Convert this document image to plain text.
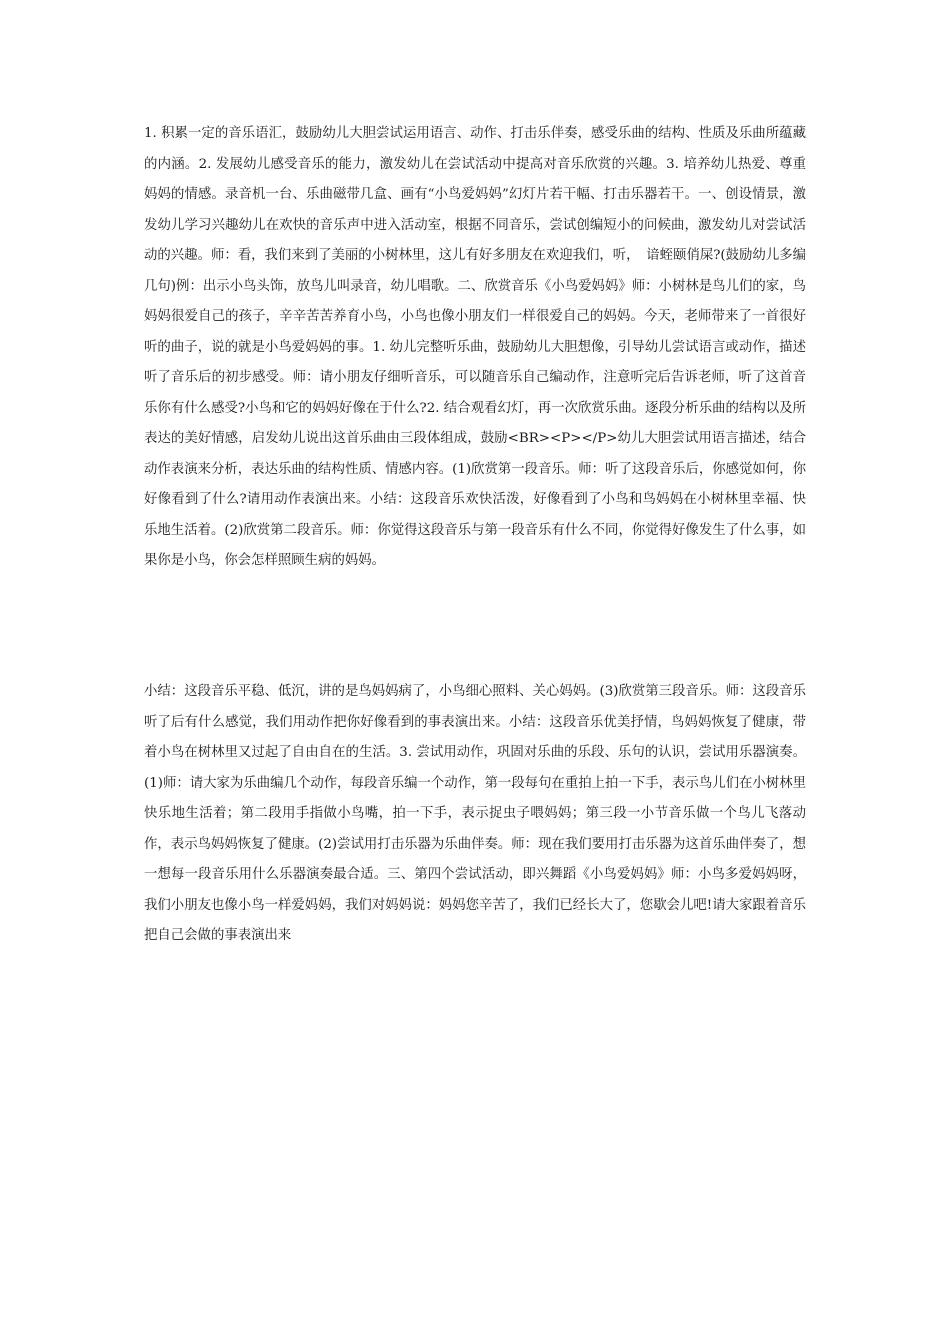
1. 积累一定的音乐语汇，鼓励幼儿大胆尝试运用语言、动作、打击乐伴奏，感受乐曲的结构、性质及乐曲所蕴藏的内涵。2. 发展幼儿感受音乐的能力，激发幼儿在尝试活动中提高对音乐欣赏的兴趣。3. 培养幼儿热爱、尊重妈妈的情感。录音机一台、乐曲磁带几盒、画有“小鸟爱妈妈”幻灯片若干幅、打击乐器若干。一、创设情景，激发幼儿学习兴趣幼儿在欢快的音乐声中进入活动室，根据不同音乐，尝试创编短小的问候曲，激发幼儿对尝试活动的兴趣。师：看，我们来到了美丽的小树林里，这儿有好多朋友在欢迎我们，听，　谙蛭颐俏屎?(鼓励幼儿多编几句)例：出示小鸟头饰，放鸟儿叫录音，幼儿唱歌。二、欣赏音乐《小鸟爱妈妈》师：小树林是鸟儿们的家，鸟妈妈很爱自己的孩子，辛辛苦苦养育小鸟，小鸟也像小朋友们一样很爱自己的妈妈。今天，老师带来了一首很好听的曲子，说的就是小鸟爱妈妈的事。1. 幼儿完整听乐曲，鼓励幼儿大胆想像，引导幼儿尝试语言或动作，描述听了音乐后的初步感受。师：请小朋友仔细听音乐，可以随音乐自己编动作，注意听完后告诉老师，听了这首音乐你有什么感受?小鸟和它的妈妈好像在于什么?2. 结合观看幻灯，再一次欣赏乐曲。逐段分析乐曲的结构以及所表达的美好情感，启发幼儿说出这首乐曲由三段体组成，鼓励<BR><P></P>幼儿大胆尝试用语言描述，结合动作表演来分析，表达乐曲的结构性质、情感内容。(1)欣赏第一段音乐。师：听了这段音乐后，你感觉如何，你好像看到了什么?请用动作表演出来。小结：这段音乐欢快活泼，好像看到了小鸟和鸟妈妈在小树林里幸福、快乐地生活着。(2)欣赏第二段音乐。师：你觉得这段音乐与第一段音乐有什么不同，你觉得好像发生了什么事，如果你是小鸟，你会怎样照顾生病的妈妈。

小结：这段音乐平稳、低沉，讲的是鸟妈妈病了，小鸟细心照料、关心妈妈。(3)欣赏第三段音乐。师：这段音乐听了后有什么感觉，我们用动作把你好像看到的事表演出来。小结：这段音乐优美抒情，鸟妈妈恢复了健康，带着小鸟在树林里又过起了自由自在的生活。3. 尝试用动作，巩固对乐曲的乐段、乐句的认识，尝试用乐器演奏。(1)师：请大家为乐曲编几个动作，每段音乐编一个动作，第一段每句在重拍上拍一下手，表示鸟儿们在小树林里快乐地生活着；第二段用手指做小鸟嘴，拍一下手，表示捉虫子喂妈妈；第三段一小节音乐做一个鸟儿飞落动作，表示鸟妈妈恢复了健康。(2)尝试用打击乐器为乐曲伴奏。师：现在我们要用打击乐器为这首乐曲伴奏了，想一想每一段音乐用什么乐器演奏最合适。三、第四个尝试活动，即兴舞蹈《小鸟爱妈妈》师：小鸟多爱妈妈呀，我们小朋友也像小鸟一样爱妈妈，我们对妈妈说：妈妈您辛苦了，我们已经长大了，您歇会儿吧!请大家跟着音乐把自己会做的事表演出来
